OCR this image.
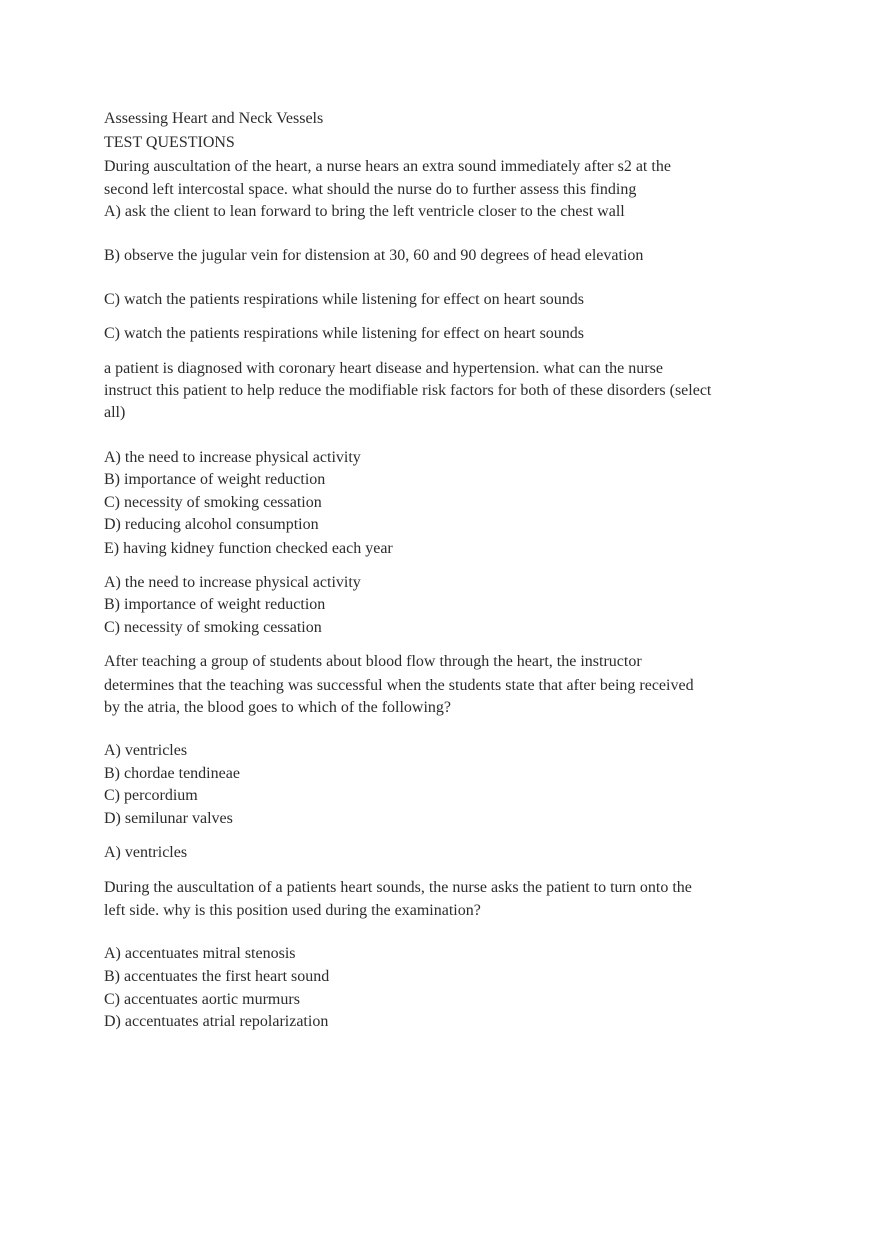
Assessing Heart and Neck Vessels
TEST QUESTIONS
During auscultation of the heart, a nurse hears an extra sound immediately after s2 at the
second left intercostal space. what should the nurse do to further assess this finding
A) ask the client to lean forward to bring the left ventricle closer to the chest wall
B) observe the jugular vein for distension at 30, 60 and 90 degrees of head elevation
C) watch the patients respirations while listening for effect on heart sounds
C) watch the patients respirations while listening for effect on heart sounds
a patient is diagnosed with coronary heart disease and hypertension. what can the nurse
instruct this patient to help reduce the modifiable risk factors for both of these disorders (select
all)
A) the need to increase physical activity
B) importance of weight reduction
C) necessity of smoking cessation
D) reducing alcohol consumption
E) having kidney function checked each year
A) the need to increase physical activity
B) importance of weight reduction
C) necessity of smoking cessation
After teaching a group of students about blood flow through the heart, the instructor
determines that the teaching was successful when the students state that after being received
by the atria, the blood goes to which of the following?
A) ventricles
B) chordae tendineae
C) percordium
D) semilunar valves
A) ventricles
During the auscultation of a patients heart sounds, the nurse asks the patient to turn onto the
left side. why is this position used during the examination?
A) accentuates mitral stenosis
B) accentuates the first heart sound
C) accentuates aortic murmurs
D) accentuates atrial repolarization
